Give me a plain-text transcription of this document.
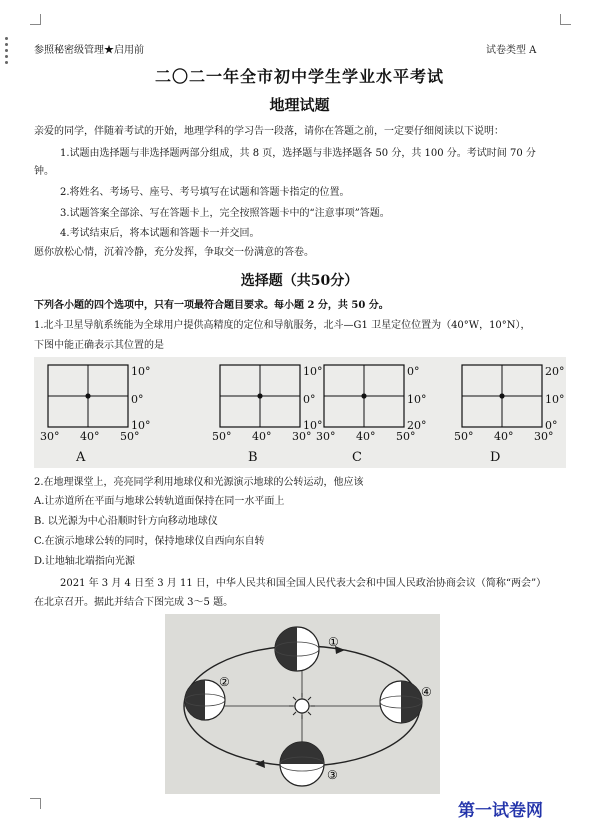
参照秘密级管理★启用前	试卷类型 A
二〇二一年全市初中学生学业水平考试
地理试题
亲爱的同学，伴随着考试的开始，地理学科的学习告一段落，请你在答题之前，一定要仔细阅读以下说明：
1.试题由选择题与非选择题两部分组成，共 8 页，选择题与非选择题各 50 分，共 100 分。考试时间 70 分
钟。
2.将姓名、考场号、座号、考号填写在试题和答题卡指定的位置。
3.试题答案全部涂、写在答题卡上，完全按照答题卡中的“注意事项”答题。
4.考试结束后，将本试题和答题卡一并交回。
愿你放松心情，沉着冷静，充分发挥，争取交一份满意的答卷。
选择题（共50分）
下列各小题的四个选项中，只有一项最符合题目要求。每小题 2 分，共 50 分。
1.北斗卫星导航系统能为全球用户提供高精度的定位和导航服务，北斗—G1 卫星定位位置为（40°W，10°N），
下图中能正确表示其位置的是
10°
0°
10°
30° 40° 50°
A
10°
0°
10°
50° 40° 30°
B
0°
10°
20°
30° 40° 50°
C
20°
10°
0°
50° 40° 30°
D
2.在地理课堂上，亮亮同学利用地球仪和光源演示地球的公转运动，他应该
A.让赤道所在平面与地球公转轨道面保持在同一水平面上
B. 以光源为中心沿顺时针方向移动地球仪
C.在演示地球公转的同时，保持地球仪自西向东自转
D.让地轴北端指向光源
2021 年 3 月 4 日至 3 月 11 日，中华人民共和国全国人民代表大会和中国人民政治协商会议（简称“两会”）
在北京召开。据此并结合下图完成 3～5 题。
①
②
③
④
第一试卷网
